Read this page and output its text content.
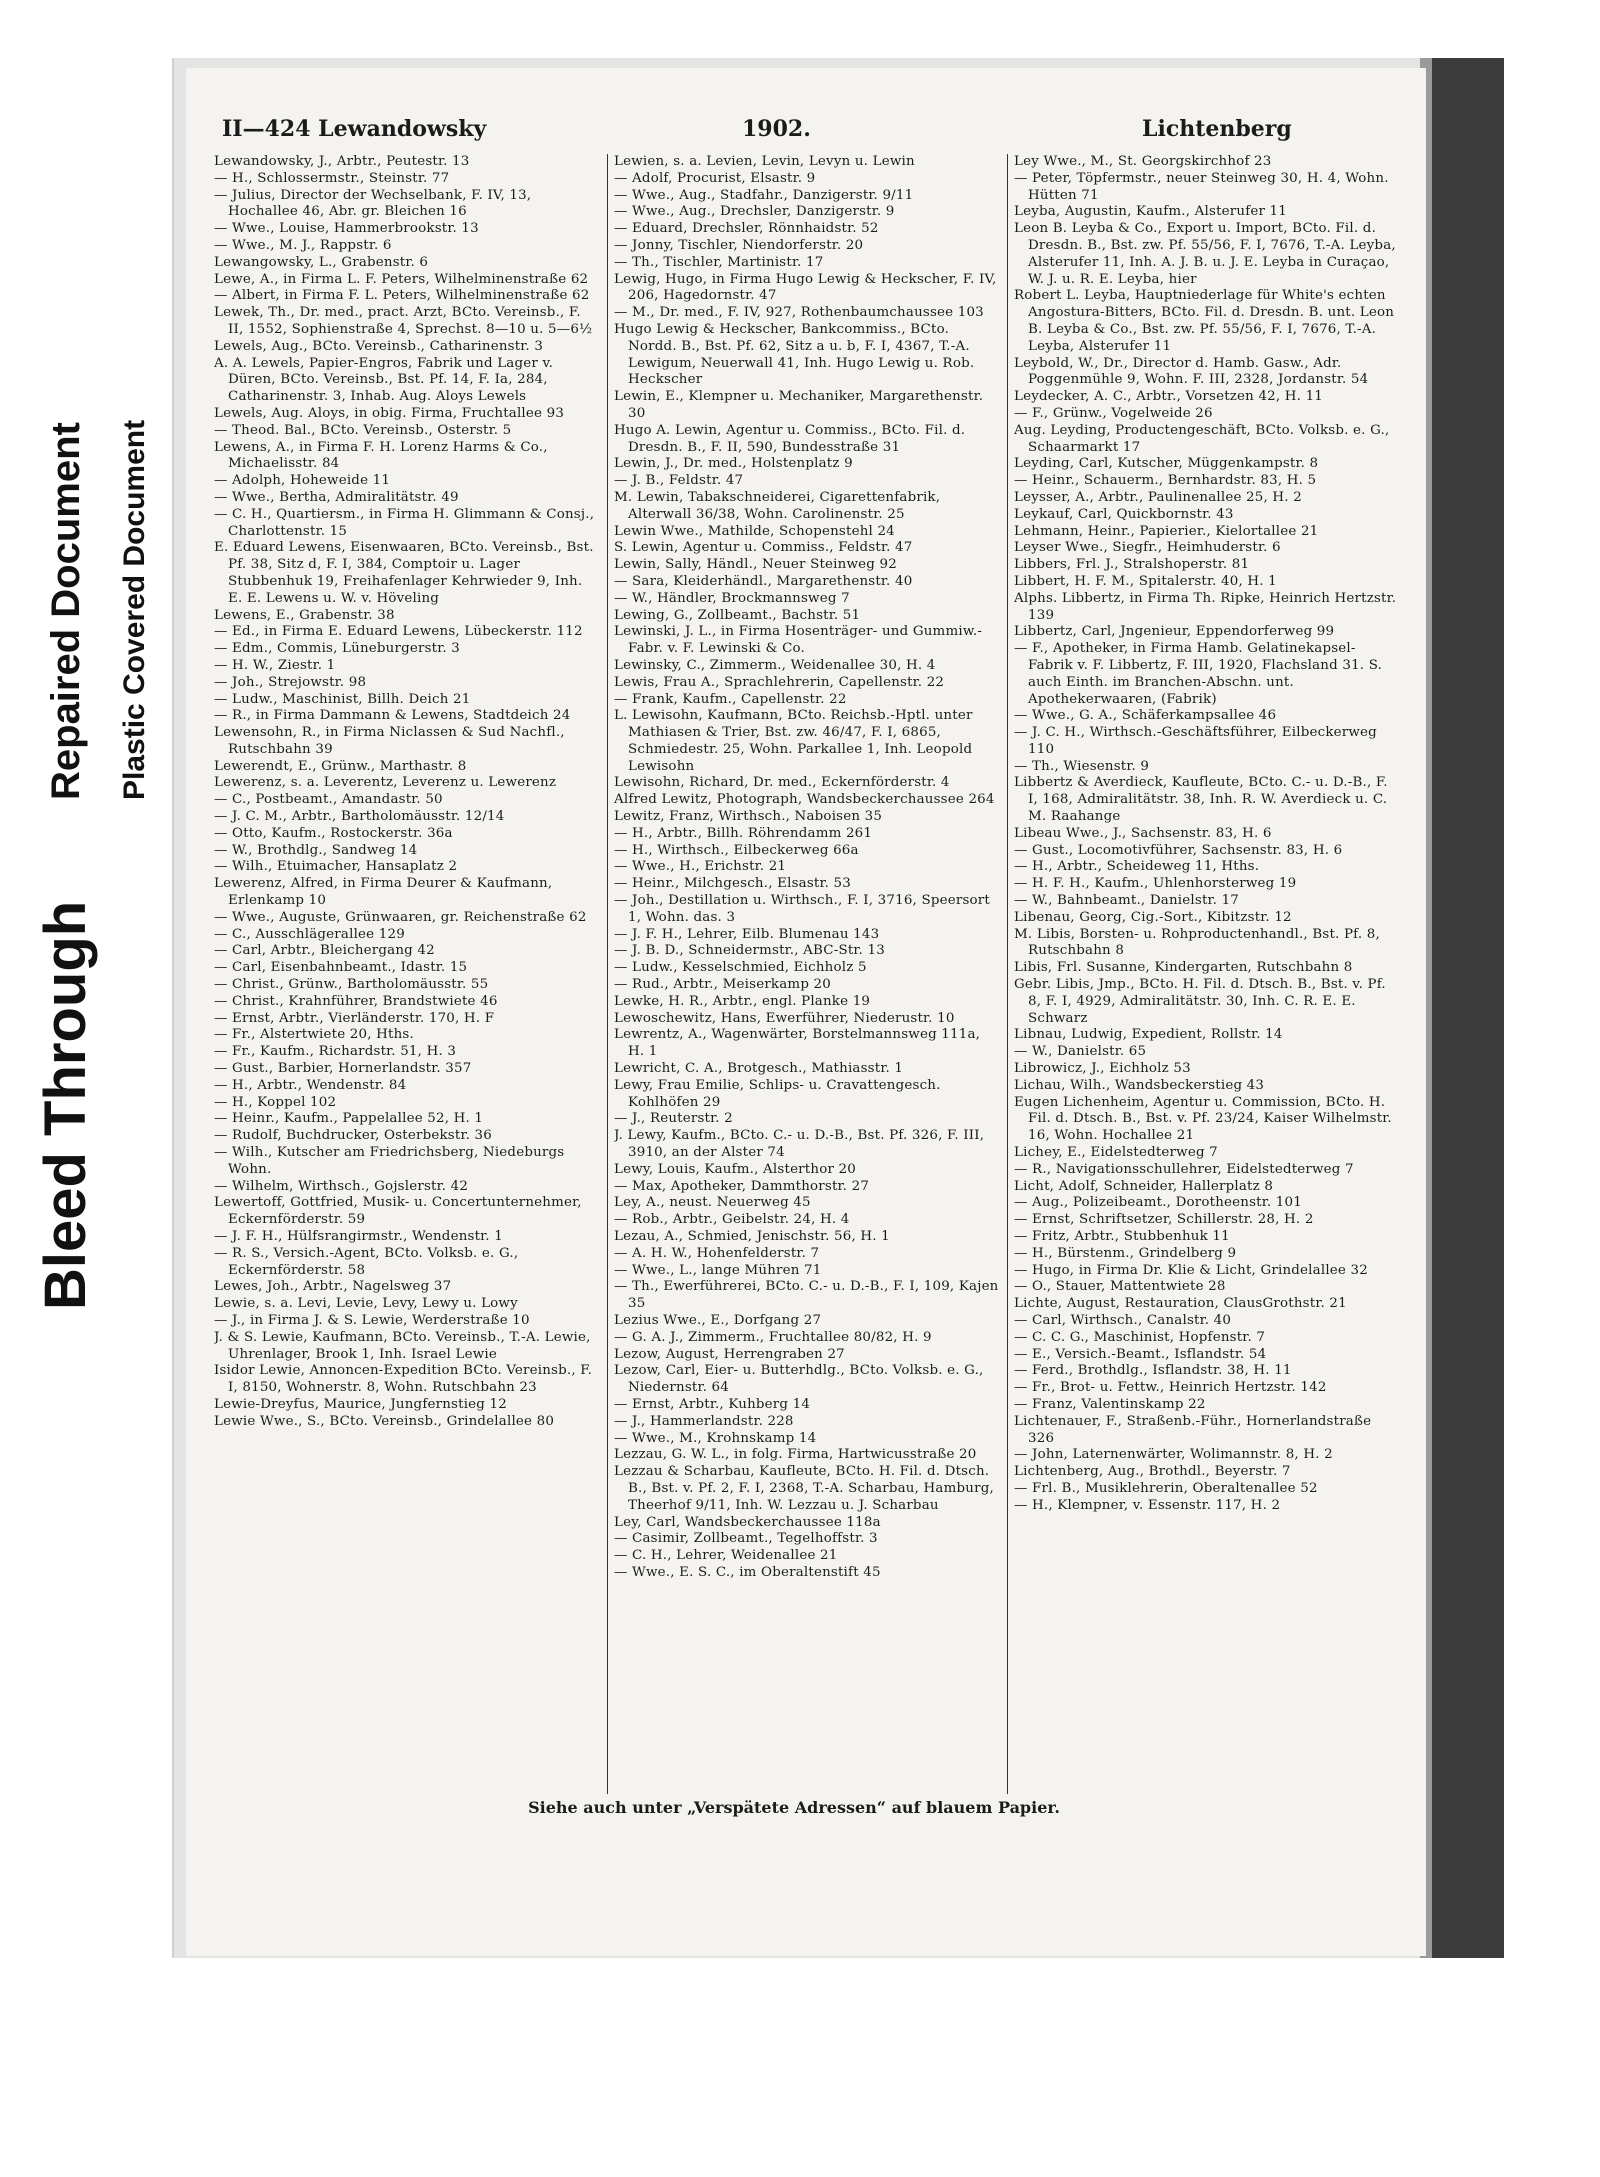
Bleed Through
Repaired Document Plastic Covered Document
II—424 Lewandowsky	1902.	Lichtenberg

Lewandowsky, J., Arbtr., Peutestr. 13

— H., Schlossermstr., Steinstr. 77

— Julius, Director der Wechselbank, F. IV, 13, Hochallee 46, Abr. gr. Bleichen 16

— Wwe., Louise, Hammerbrookstr. 13

— Wwe., M. J., Rappstr. 6

Lewangowsky, L., Grabenstr. 6

Lewe, A., in Firma L. F. Peters, Wilhelminenstraße 62

— Albert, in Firma F. L. Peters, Wilhelminenstraße 62

Lewek, Th., Dr. med., pract. Arzt, BCto. Vereinsb., F. II, 1552, Sophienstraße 4, Sprechst. 8—10 u. 5—6½

Lewels, Aug., BCto. Vereinsb., Catharinenstr. 3

A. A. Lewels, Papier-Engros, Fabrik und Lager v. Düren, BCto. Vereinsb., Bst. Pf. 14, F. Ia, 284, Catharinenstr. 3, Inhab. Aug. Aloys Lewels

Lewels, Aug. Aloys, in obig. Firma, Fruchtallee 93

— Theod. Bal., BCto. Vereinsb., Osterstr. 5

Lewens, A., in Firma F. H. Lorenz Harms & Co., Michaelisstr. 84

— Adolph, Hoheweide 11

— Wwe., Bertha, Admiralitätstr. 49

— C. H., Quartiersm., in Firma H. Glimmann & Consj., Charlottenstr. 15

E. Eduard Lewens, Eisenwaaren, BCto. Vereinsb., Bst. Pf. 38, Sitz d, F. I, 384, Comptoir u. Lager Stubbenhuk 19, Freihafenlager Kehrwieder 9, Inh. E. E. Lewens u. W. v. Höveling

Lewens, E., Grabenstr. 38

— Ed., in Firma E. Eduard Lewens, Lübeckerstr. 112

— Edm., Commis, Lüneburgerstr. 3

— H. W., Ziestr. 1

— Joh., Strejowstr. 98

— Ludw., Maschinist, Billh. Deich 21

— R., in Firma Dammann & Lewens, Stadtdeich 24

Lewensohn, R., in Firma Niclassen & Sud Nachfl., Rutschbahn 39

Lewerendt, E., Grünw., Marthastr. 8

Lewerenz, s. a. Leverentz, Leverenz u. Lewerenz

— C., Postbeamt., Amandastr. 50

— J. C. M., Arbtr., Bartholomäusstr. 12/14

— Otto, Kaufm., Rostockerstr. 36a

— W., Brothdlg., Sandweg 14

— Wilh., Etuimacher, Hansaplatz 2

Lewerenz, Alfred, in Firma Deurer & Kaufmann, Erlenkamp 10

— Wwe., Auguste, Grünwaaren, gr. Reichenstraße 62

— C., Ausschlägerallee 129

— Carl, Arbtr., Bleichergang 42

— Carl, Eisenbahnbeamt., Idastr. 15

— Christ., Grünw., Bartholomäusstr. 55

— Christ., Krahnführer, Brandstwiete 46

— Ernst, Arbtr., Vierländerstr. 170, H. F

— Fr., Alstertwiete 20, Hths.

— Fr., Kaufm., Richardstr. 51, H. 3

— Gust., Barbier, Hornerlandstr. 357

— H., Arbtr., Wendenstr. 84

— H., Koppel 102

— Heinr., Kaufm., Pappelallee 52, H. 1

— Rudolf, Buchdrucker, Osterbekstr. 36

— Wilh., Kutscher am Friedrichsberg, Niedeburgs Wohn.

— Wilhelm, Wirthsch., Gojslerstr. 42

Lewertoff, Gottfried, Musik- u. Concertunternehmer, Eckernförderstr. 59

— J. F. H., Hülfsrangirmstr., Wendenstr. 1

— R. S., Versich.-Agent, BCto. Volksb. e. G., Eckernförderstr. 58

Lewes, Joh., Arbtr., Nagelsweg 37

Lewie, s. a. Levi, Levie, Levy, Lewy u. Lowy

— J., in Firma J. & S. Lewie, Werderstraße 10

J. & S. Lewie, Kaufmann, BCto. Vereinsb., T.-A. Lewie, Uhrenlager, Brook 1, Inh. Israel Lewie

Isidor Lewie, Annoncen-Expedition BCto. Vereinsb., F. I, 8150, Wohnerstr. 8, Wohn. Rutschbahn 23

Lewie-Dreyfus, Maurice, Jungfernstieg 12

Lewie Wwe., S., BCto. Vereinsb., Grindelallee 80

Lewien, s. a. Levien, Levin, Levyn u. Lewin

— Adolf, Procurist, Elsastr. 9

— Wwe., Aug., Stadfahr., Danzigerstr. 9/11

— Wwe., Aug., Drechsler, Danzigerstr. 9

— Eduard, Drechsler, Rönnhaidstr. 52

— Jonny, Tischler, Niendorferstr. 20

— Th., Tischler, Martinistr. 17

Lewig, Hugo, in Firma Hugo Lewig & Heckscher, F. IV, 206, Hagedornstr. 47

— M., Dr. med., F. IV, 927, Rothenbaumchaussee 103

Hugo Lewig & Heckscher, Bankcommiss., BCto. Nordd. B., Bst. Pf. 62, Sitz a u. b, F. I, 4367, T.-A. Lewigum, Neuerwall 41, Inh. Hugo Lewig u. Rob. Heckscher

Lewin, E., Klempner u. Mechaniker, Margarethenstr. 30

Hugo A. Lewin, Agentur u. Commiss., BCto. Fil. d. Dresdn. B., F. II, 590, Bundesstraße 31

Lewin, J., Dr. med., Holstenplatz 9

— J. B., Feldstr. 47

M. Lewin, Tabakschneiderei, Cigarettenfabrik, Alterwall 36/38, Wohn. Carolinenstr. 25

Lewin Wwe., Mathilde, Schopenstehl 24

S. Lewin, Agentur u. Commiss., Feldstr. 47

Lewin, Sally, Händl., Neuer Steinweg 92

— Sara, Kleiderhändl., Margarethenstr. 40

— W., Händler, Brockmannsweg 7

Lewing, G., Zollbeamt., Bachstr. 51

Lewinski, J. L., in Firma Hosenträger- und Gummiw.-Fabr. v. F. Lewinski & Co.

Lewinsky, C., Zimmerm., Weidenallee 30, H. 4

Lewis, Frau A., Sprachlehrerin, Capellenstr. 22

— Frank, Kaufm., Capellenstr. 22

L. Lewisohn, Kaufmann, BCto. Reichsb.-Hptl. unter Mathiasen & Trier, Bst. zw. 46/47, F. I, 6865, Schmiedestr. 25, Wohn. Parkallee 1, Inh. Leopold Lewisohn

Lewisohn, Richard, Dr. med., Eckernförderstr. 4

Alfred Lewitz, Photograph, Wandsbeckerchaussee 264

Lewitz, Franz, Wirthsch., Naboisen 35

— H., Arbtr., Billh. Röhrendamm 261

— H., Wirthsch., Eilbeckerweg 66a

— Wwe., H., Erichstr. 21

— Heinr., Milchgesch., Elsastr. 53

— Joh., Destillation u. Wirthsch., F. I, 3716, Speersort 1, Wohn. das. 3

— J. F. H., Lehrer, Eilb. Blumenau 143

— J. B. D., Schneidermstr., ABC-Str. 13

— Ludw., Kesselschmied, Eichholz 5

— Rud., Arbtr., Meiserkamp 20

Lewke, H. R., Arbtr., engl. Planke 19

Lewoschewitz, Hans, Ewerführer, Niederustr. 10

Lewrentz, A., Wagenwärter, Borstelmannsweg 111a, H. 1

Lewricht, C. A., Brotgesch., Mathiasstr. 1

Lewy, Frau Emilie, Schlips- u. Cravattengesch. Kohlhöfen 29

— J., Reuterstr. 2

J. Lewy, Kaufm., BCto. C.- u. D.-B., Bst. Pf. 326, F. III, 3910, an der Alster 74

Lewy, Louis, Kaufm., Alsterthor 20

— Max, Apotheker, Dammthorstr. 27

Ley, A., neust. Neuerweg 45

— Rob., Arbtr., Geibelstr. 24, H. 4

Lezau, A., Schmied, Jenischstr. 56, H. 1

— A. H. W., Hohenfelderstr. 7

— Wwe., L., lange Mühren 71

— Th., Ewerführerei, BCto. C.- u. D.-B., F. I, 109, Kajen 35

Lezius Wwe., E., Dorfgang 27

— G. A. J., Zimmerm., Fruchtallee 80/82, H. 9

Lezow, August, Herrengraben 27

Lezow, Carl, Eier- u. Butterhdlg., BCto. Volksb. e. G., Niedernstr. 64

— Ernst, Arbtr., Kuhberg 14

— J., Hammerlandstr. 228

— Wwe., M., Krohnskamp 14

Lezzau, G. W. L., in folg. Firma, Hartwicusstraße 20

Lezzau & Scharbau, Kaufleute, BCto. H. Fil. d. Dtsch. B., Bst. v. Pf. 2, F. I, 2368, T.-A. Scharbau, Hamburg, Theerhof 9/11, Inh. W. Lezzau u. J. Scharbau

Ley, Carl, Wandsbeckerchaussee 118a

— Casimir, Zollbeamt., Tegelhoffstr. 3

— C. H., Lehrer, Weidenallee 21

— Wwe., E. S. C., im Oberaltenstift 45

Ley Wwe., M., St. Georgskirchhof 23

— Peter, Töpfermstr., neuer Steinweg 30, H. 4, Wohn. Hütten 71

Leyba, Augustin, Kaufm., Alsterufer 11

Leon B. Leyba & Co., Export u. Import, BCto. Fil. d. Dresdn. B., Bst. zw. Pf. 55/56, F. I, 7676, T.-A. Leyba, Alsterufer 11, Inh. A. J. B. u. J. E. Leyba in Curaçao, W. J. u. R. E. Leyba, hier

Robert L. Leyba, Hauptniederlage für White's echten Angostura-Bitters, BCto. Fil. d. Dresdn. B. unt. Leon B. Leyba & Co., Bst. zw. Pf. 55/56, F. I, 7676, T.-A. Leyba, Alsterufer 11

Leybold, W., Dr., Director d. Hamb. Gasw., Adr. Poggenmühle 9, Wohn. F. III, 2328, Jordanstr. 54

Leydecker, A. C., Arbtr., Vorsetzen 42, H. 11

— F., Grünw., Vogelweide 26

Aug. Leyding, Productengeschäft, BCto. Volksb. e. G., Schaarmarkt 17

Leyding, Carl, Kutscher, Müggenkampstr. 8

— Heinr., Schauerm., Bernhardstr. 83, H. 5

Leysser, A., Arbtr., Paulinenallee 25, H. 2

Leykauf, Carl, Quickbornstr. 43

Lehmann, Heinr., Papierier., Kielortallee 21

Leyser Wwe., Siegfr., Heimhuderstr. 6

Libbers, Frl. J., Stralshoperstr. 81

Libbert, H. F. M., Spitalerstr. 40, H. 1

Alphs. Libbertz, in Firma Th. Ripke, Heinrich Hertzstr. 139

Libbertz, Carl, Jngenieur, Eppendorferweg 99

— F., Apotheker, in Firma Hamb. Gelatinekapsel-Fabrik v. F. Libbertz, F. III, 1920, Flachsland 31. S. auch Einth. im Branchen-Abschn. unt. Apothekerwaaren, (Fabrik)

— Wwe., G. A., Schäferkampsallee 46

— J. C. H., Wirthsch.-Geschäftsführer, Eilbeckerweg 110

— Th., Wiesenstr. 9

Libbertz & Averdieck, Kaufleute, BCto. C.- u. D.-B., F. I, 168, Admiralitätstr. 38, Inh. R. W. Averdieck u. C. M. Raahange

Libeau Wwe., J., Sachsenstr. 83, H. 6

— Gust., Locomotivführer, Sachsenstr. 83, H. 6

— H., Arbtr., Scheideweg 11, Hths.

— H. F. H., Kaufm., Uhlenhorsterweg 19

— W., Bahnbeamt., Danielstr. 17

Libenau, Georg, Cig.-Sort., Kibitzstr. 12

M. Libis, Borsten- u. Rohproductenhandl., Bst. Pf. 8, Rutschbahn 8

Libis, Frl. Susanne, Kindergarten, Rutschbahn 8

Gebr. Libis, Jmp., BCto. H. Fil. d. Dtsch. B., Bst. v. Pf. 8, F. I, 4929, Admiralitätstr. 30, Inh. C. R. E. E. Schwarz

Libnau, Ludwig, Expedient, Rollstr. 14

— W., Danielstr. 65

Librowicz, J., Eichholz 53

Lichau, Wilh., Wandsbeckerstieg 43

Eugen Lichenheim, Agentur u. Commission, BCto. H. Fil. d. Dtsch. B., Bst. v. Pf. 23/24, Kaiser Wilhelmstr. 16, Wohn. Hochallee 21

Lichey, E., Eidelstedterweg 7

— R., Navigationsschullehrer, Eidelstedterweg 7

Licht, Adolf, Schneider, Hallerplatz 8

— Aug., Polizeibeamt., Dorotheenstr. 101

— Ernst, Schriftsetzer, Schillerstr. 28, H. 2

— Fritz, Arbtr., Stubbenhuk 11

— H., Bürstenm., Grindelberg 9

— Hugo, in Firma Dr. Klie & Licht, Grindelallee 32

— O., Stauer, Mattentwiete 28

Lichte, August, Restauration, ClausGrothstr. 21

— Carl, Wirthsch., Canalstr. 40

— C. C. G., Maschinist, Hopfenstr. 7

— E., Versich.-Beamt., Isflandstr. 54

— Ferd., Brothdlg., Isflandstr. 38, H. 11

— Fr., Brot- u. Fettw., Heinrich Hertzstr. 142

— Franz, Valentinskamp 22

Lichtenauer, F., Straßenb.-Führ., Hornerlandstraße 326

— John, Laternenwärter, Wolimannstr. 8, H. 2

Lichtenberg, Aug., Brothdl., Beyerstr. 7

— Frl. B., Musiklehrerin, Oberaltenallee 52

— H., Klempner, v. Essenstr. 117, H. 2

Siehe auch unter „Verspätete Adressen“ auf blauem Papier.
